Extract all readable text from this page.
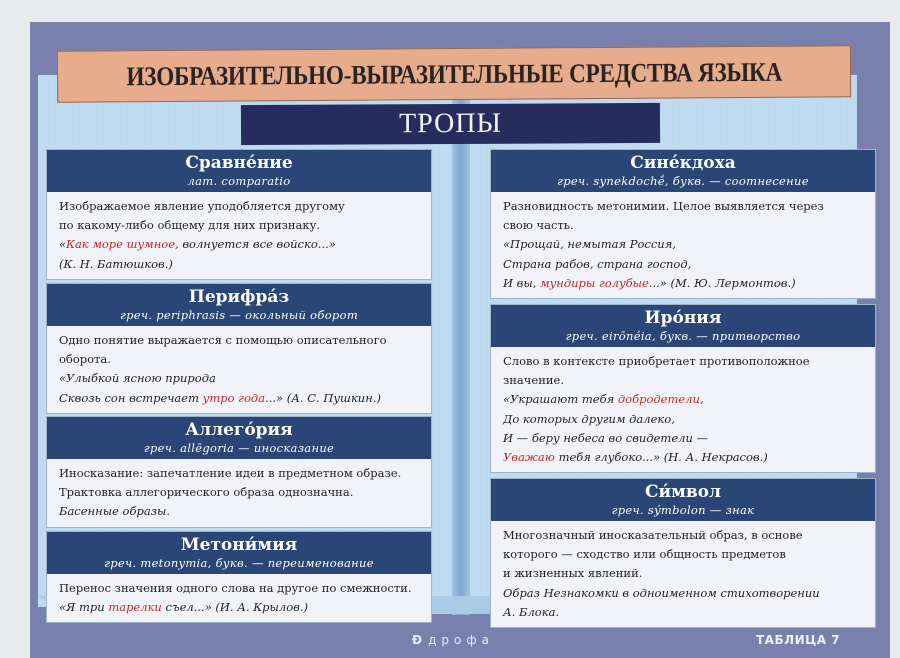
ИЗОБРАЗИТЕЛЬНО-ВЫРАЗИТЕЛЬНЫЕ СРЕДСТВА ЯЗЫКА
ТРОПЫ
Сравне́ние
лат. comparatio
Изображаемое явление уподобляется другому
по какому-либо общему для них признаку.
«Как море шумное, волнуется все войско...»
(К. Н. Батюшков.)
Перифра́з
греч. periphrasis — окольный оборот
Одно понятие выражается с помощью описательного
оборота.
«Улыбкой ясною природа
Сквозь сон встречает утро года...» (А. С. Пушкин.)
Аллего́рия
греч. allēgoria — иносказание
Иносказание: запечатление идеи в предметном образе.
Трактовка аллегорического образа однозначна.
Басенные образы.
Метони́мия
греч. metonymia, букв. — переименование
Перенос значения одного слова на другое по смежности.
«Я три тарелки съел...» (И. А. Крылов.)
Сине́кдоха
греч. synekdochḗ, букв. — соотнесение
Разновидность метонимии. Целое выявляется через
свою часть.
«Прощай, немытая Россия,
Страна рабов, страна господ,
И вы, мундиры голубые...» (М. Ю. Лермонтов.)
Иро́ния
греч. eirōnéia, букв. — притворство
Слово в контексте приобретает противоположное
значение.
«Украшают тебя добродетели,
До которых другим далеко,
И — беру небеса во свидетели —
Уважаю тебя глубоко...» (Н. А. Некрасов.)
Си́мвол
греч. sýmbolon — знак
Многозначный иносказательный образ, в основе
которого — сходство или общность предметов
и жизненных явлений.
Образ Незнакомки в одноименном стихотворении
А. Блока.
Ɖ дрофа	ТАБЛИЦА 7
